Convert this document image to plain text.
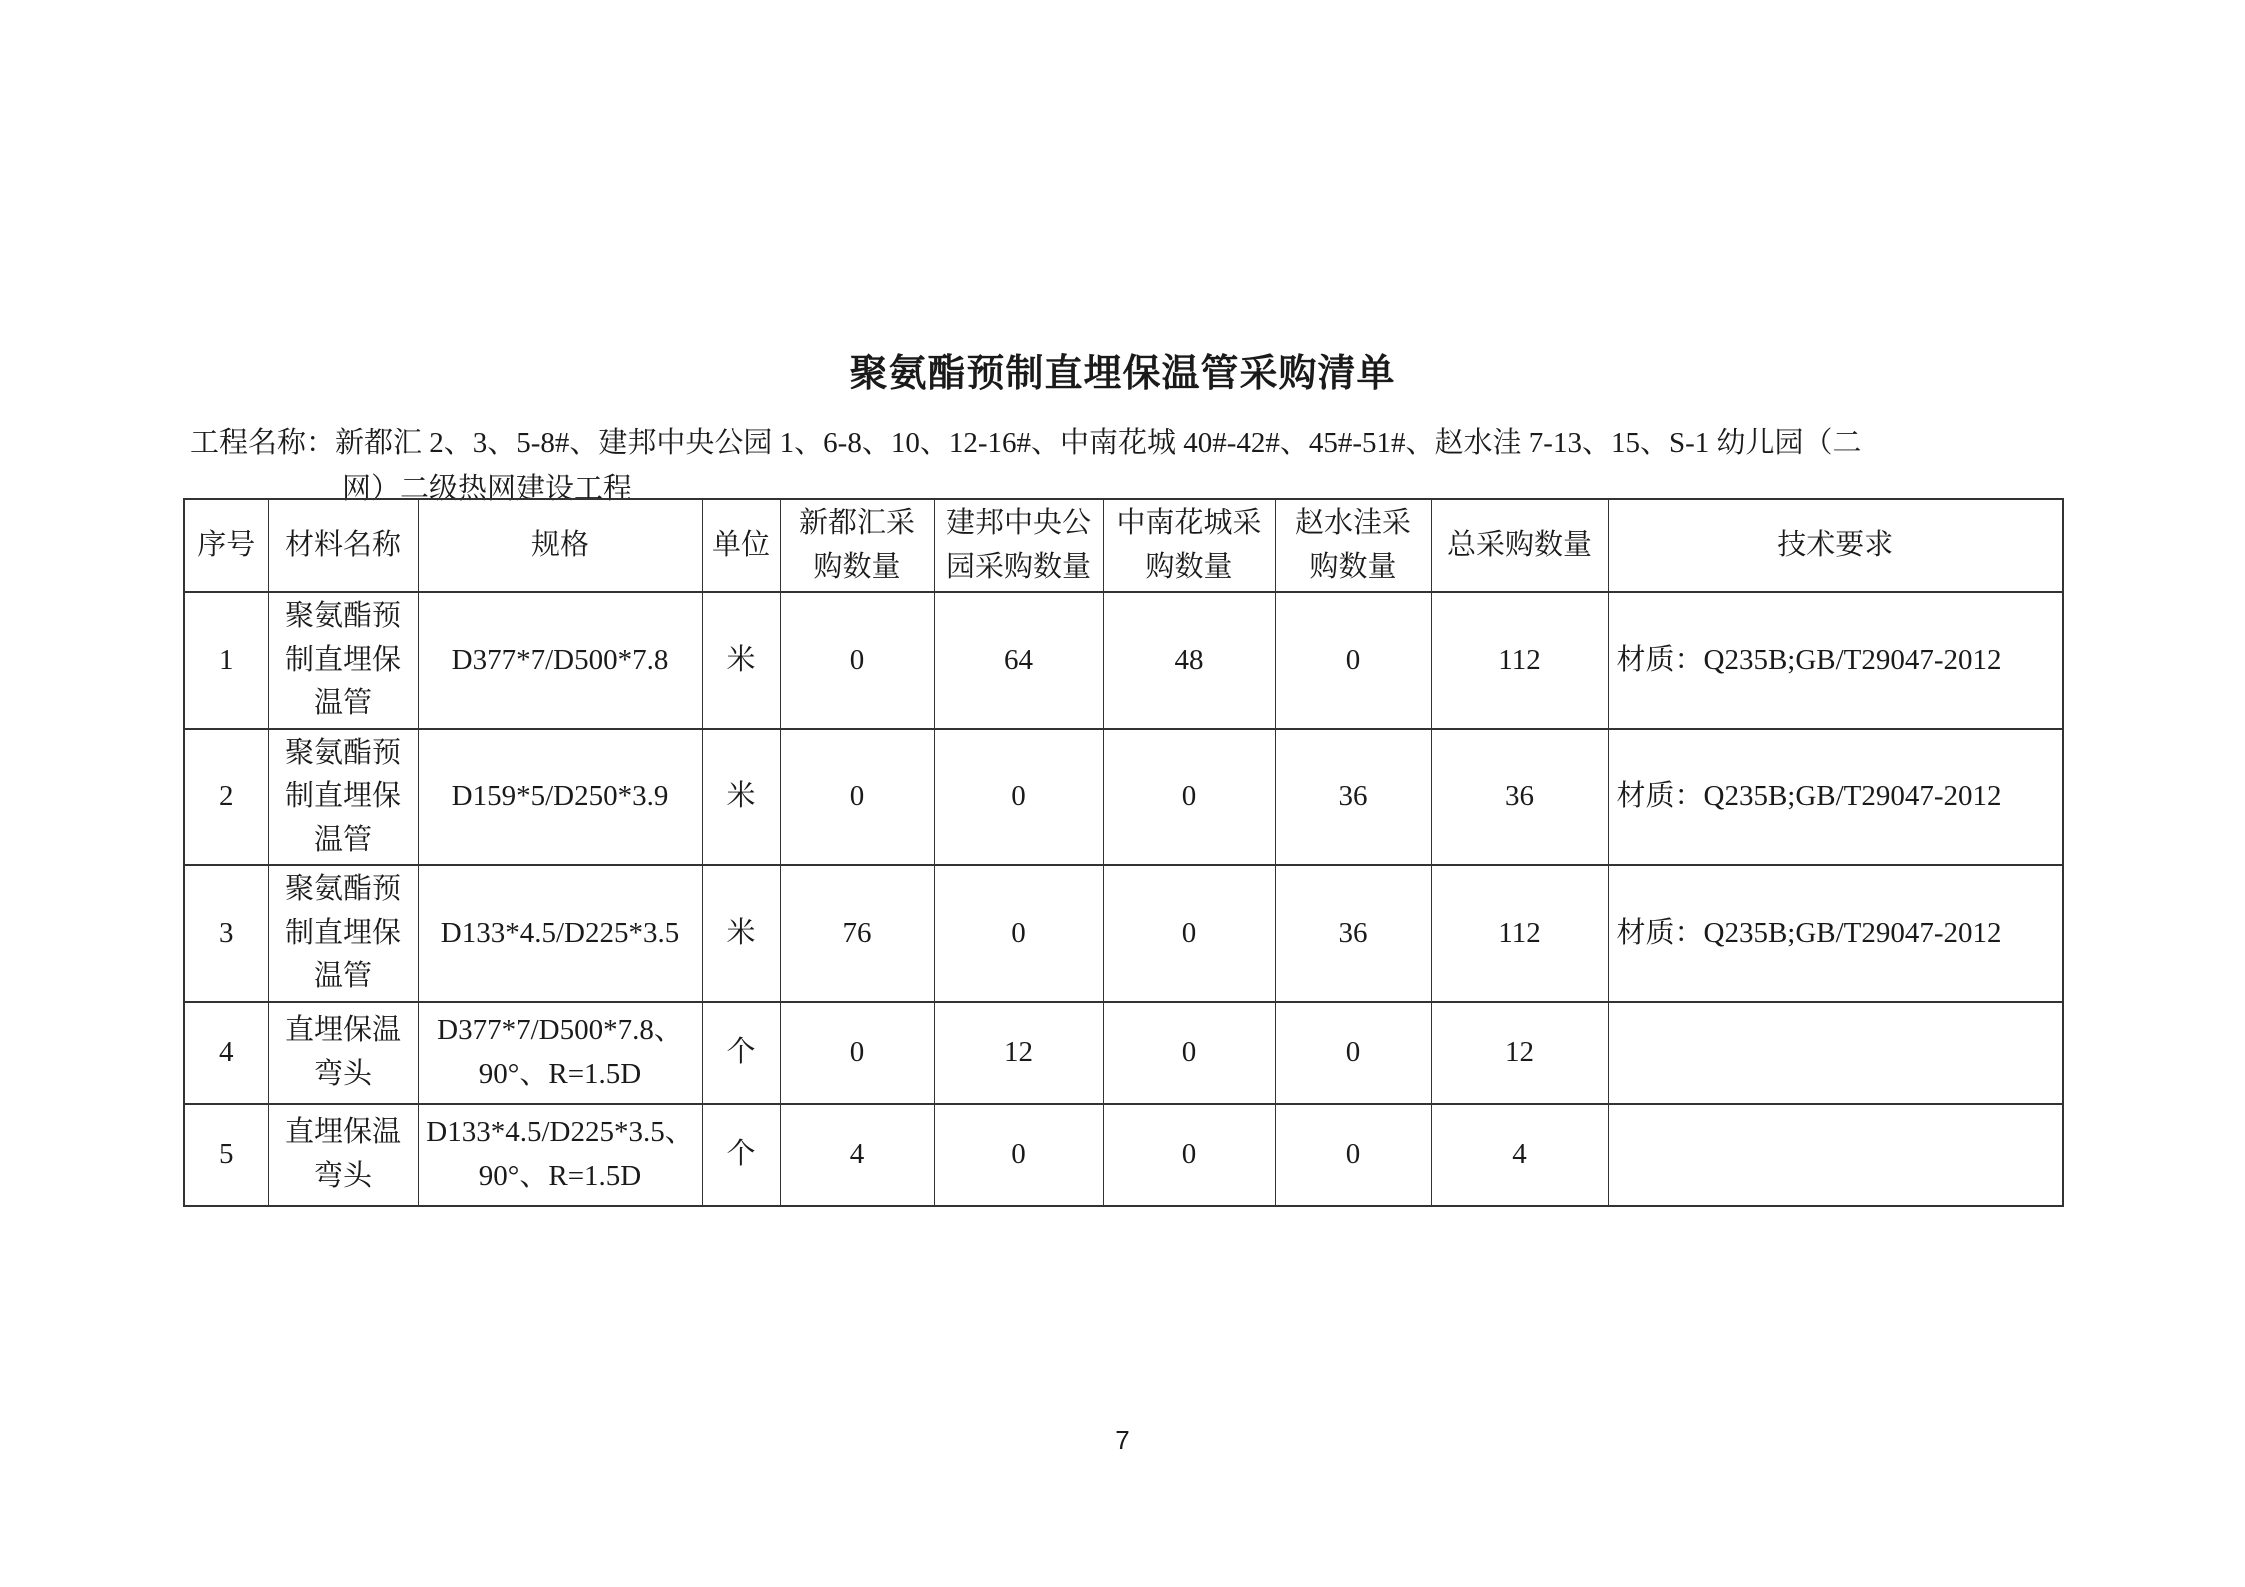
聚氨酯预制直埋保温管采购清单
工程名称：新都汇 2、3、5-8#、建邦中央公园 1、6-8、10、12-16#、中南花城 40#-42#、45#-51#、赵水洼 7-13、15、S-1 幼儿园（二
网）二级热网建设工程
序号	材料名称	规格	单位	新都汇采购数量	建邦中央公园采购数量	中南花城采购数量	赵水洼采购数量	总采购数量	技术要求
1	聚氨酯预制直埋保温管	D377*7/D500*7.8	米	0	64	48	0	112	材质：Q235B;GB/T29047-2012
2	聚氨酯预制直埋保温管	D159*5/D250*3.9	米	0	0	0	36	36	材质：Q235B;GB/T29047-2012
3	聚氨酯预制直埋保温管	D133*4.5/D225*3.5	米	76	0	0	36	112	材质：Q235B;GB/T29047-2012
4	直埋保温弯头	D377*7/D500*7.8、90°、R=1.5D	个	0	12	0	0	12	
5	直埋保温弯头	D133*4.5/D225*3.5、90°、R=1.5D	个	4	0	0	0	4	
7
